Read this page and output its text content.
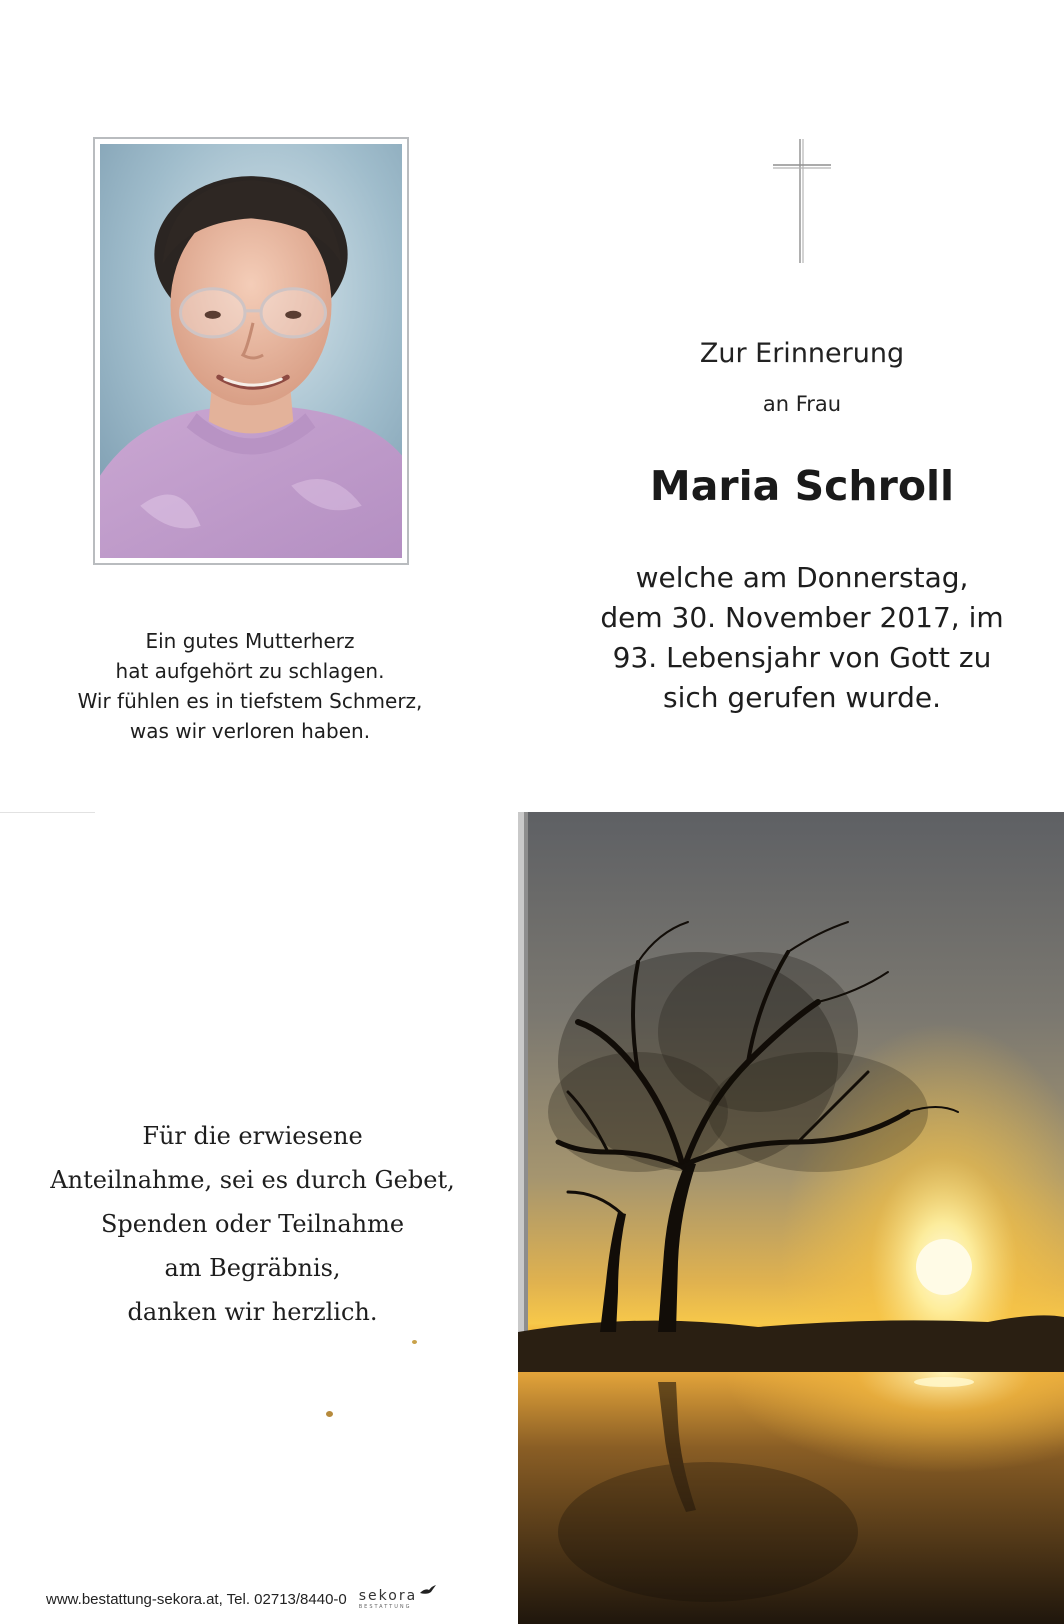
Ein gutes Mutterherz
hat aufgehört zu schlagen.
Wir fühlen es in tiefstem Schmerz,
was wir verloren haben.
Zur Erinnerung
an Frau
Maria Schroll
welche am Donnerstag,
dem 30. November 2017, im
93. Lebensjahr von Gott zu
sich gerufen wurde.
Für die erwiesene
Anteilnahme, sei es durch Gebet,
Spenden oder Teilnahme
am Begräbnis,
danken wir herzlich.
www.bestattung-sekora.at, Tel. 02713/8440-0 sekora
BESTATTUNG
